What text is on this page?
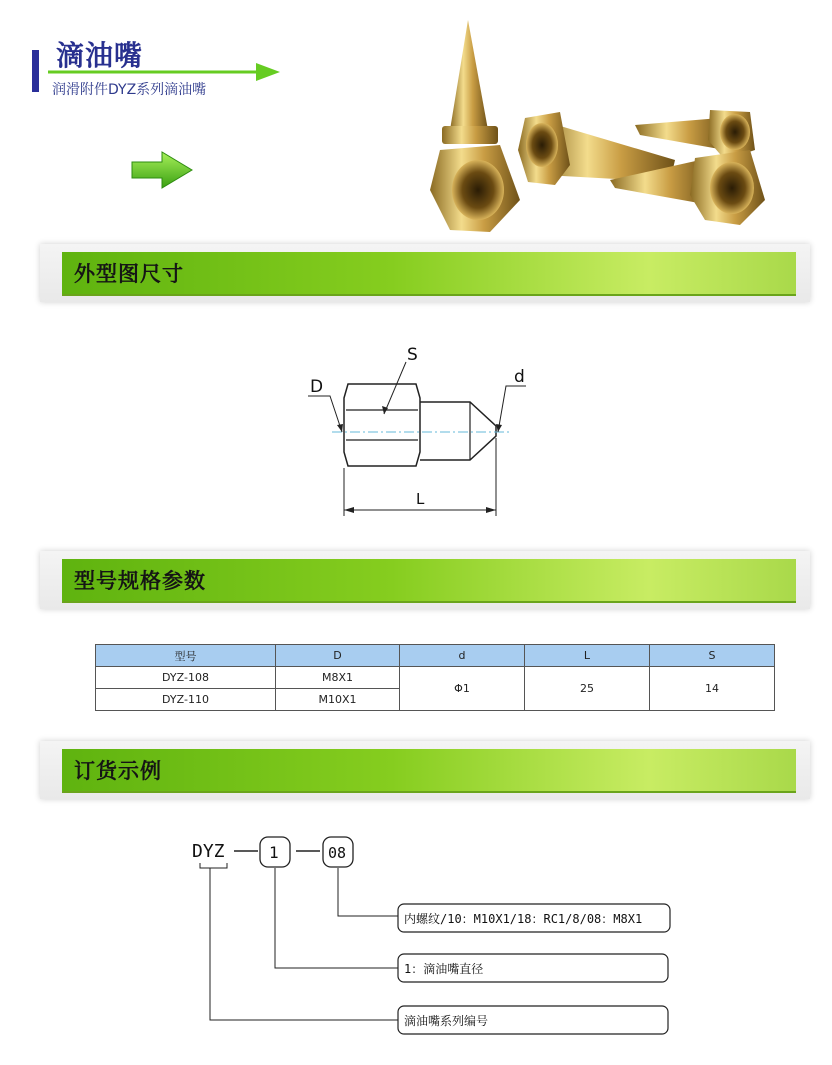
滴油嘴
润滑附件DYZ系列滴油嘴
外型图尺寸
S
D	d
L
型号规格参数
型号	D	d	L	S
DYZ-108	M8X1	Φ1	25	14
DYZ-110	M10X1			
订货示例
DYZ	1	08
内螺纹/10：M10X1/18：RC1/8/08：M8X1
1：滴油嘴直径
滴油嘴系列编号
